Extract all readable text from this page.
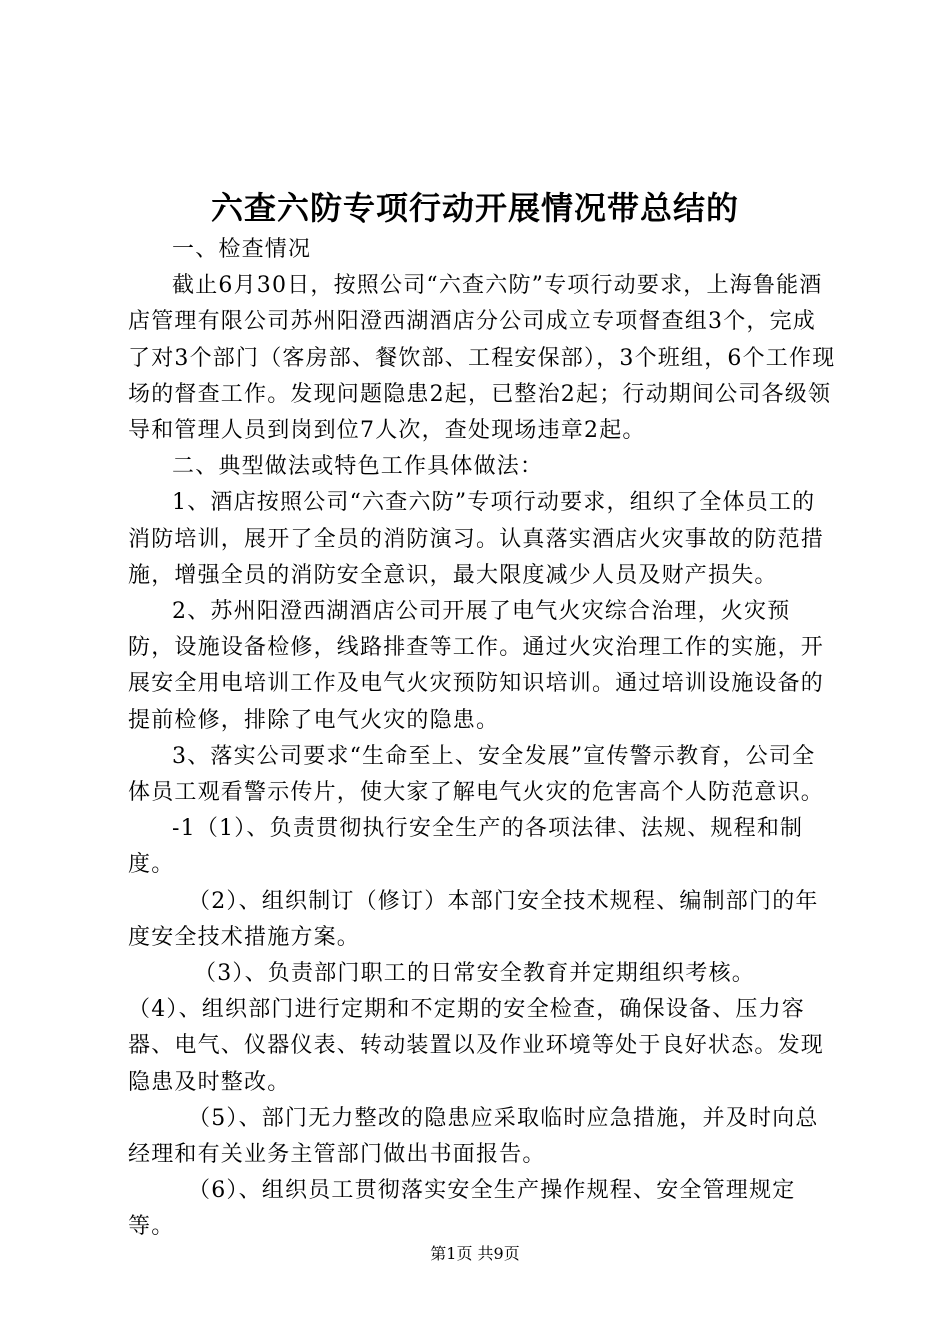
六查六防专项行动开展情况带总结的

一、检查情况

截止6月30日，按照公司“六查六防”专项行动要求，上海鲁能酒店管理有限公司苏州阳澄西湖酒店分公司成立专项督查组3个，完成了对3个部门（客房部、餐饮部、工程安保部），3个班组，6个工作现场的督查工作。发现问题隐患2起，已整治2起；行动期间公司各级领导和管理人员到岗到位7人次，查处现场违章2起。

二、典型做法或特色工作具体做法：

1、酒店按照公司“六查六防”专项行动要求，组织了全体员工的消防培训，展开了全员的消防演习。认真落实酒店火灾事故的防范措施，增强全员的消防安全意识，最大限度减少人员及财产损失。

2、苏州阳澄西湖酒店公司开展了电气火灾综合治理，火灾预防，设施设备检修，线路排查等工作。通过火灾治理工作的实施，开展安全用电培训工作及电气火灾预防知识培训。通过培训设施设备的提前检修，排除了电气火灾的隐患。

3、落实公司要求“生命至上、安全发展”宣传警示教育，公司全体员工观看警示传片，使大家了解电气火灾的危害高个人防范意识。

-1（1）、负责贯彻执行安全生产的各项法律、法规、规程和制度。

（2）、组织制订（修订）本部门安全技术规程、编制部门的年度安全技术措施方案。

（3）、负责部门职工的日常安全教育并定期组织考核。

（4）、组织部门进行定期和不定期的安全检查，确保设备、压力容器、电气、仪器仪表、转动装置以及作业环境等处于良好状态。发现隐患及时整改。

（5）、部门无力整改的隐患应采取临时应急措施，并及时向总经理和有关业务主管部门做出书面报告。

（6）、组织员工贯彻落实安全生产操作规程、安全管理规定等。

第1页 共9页
